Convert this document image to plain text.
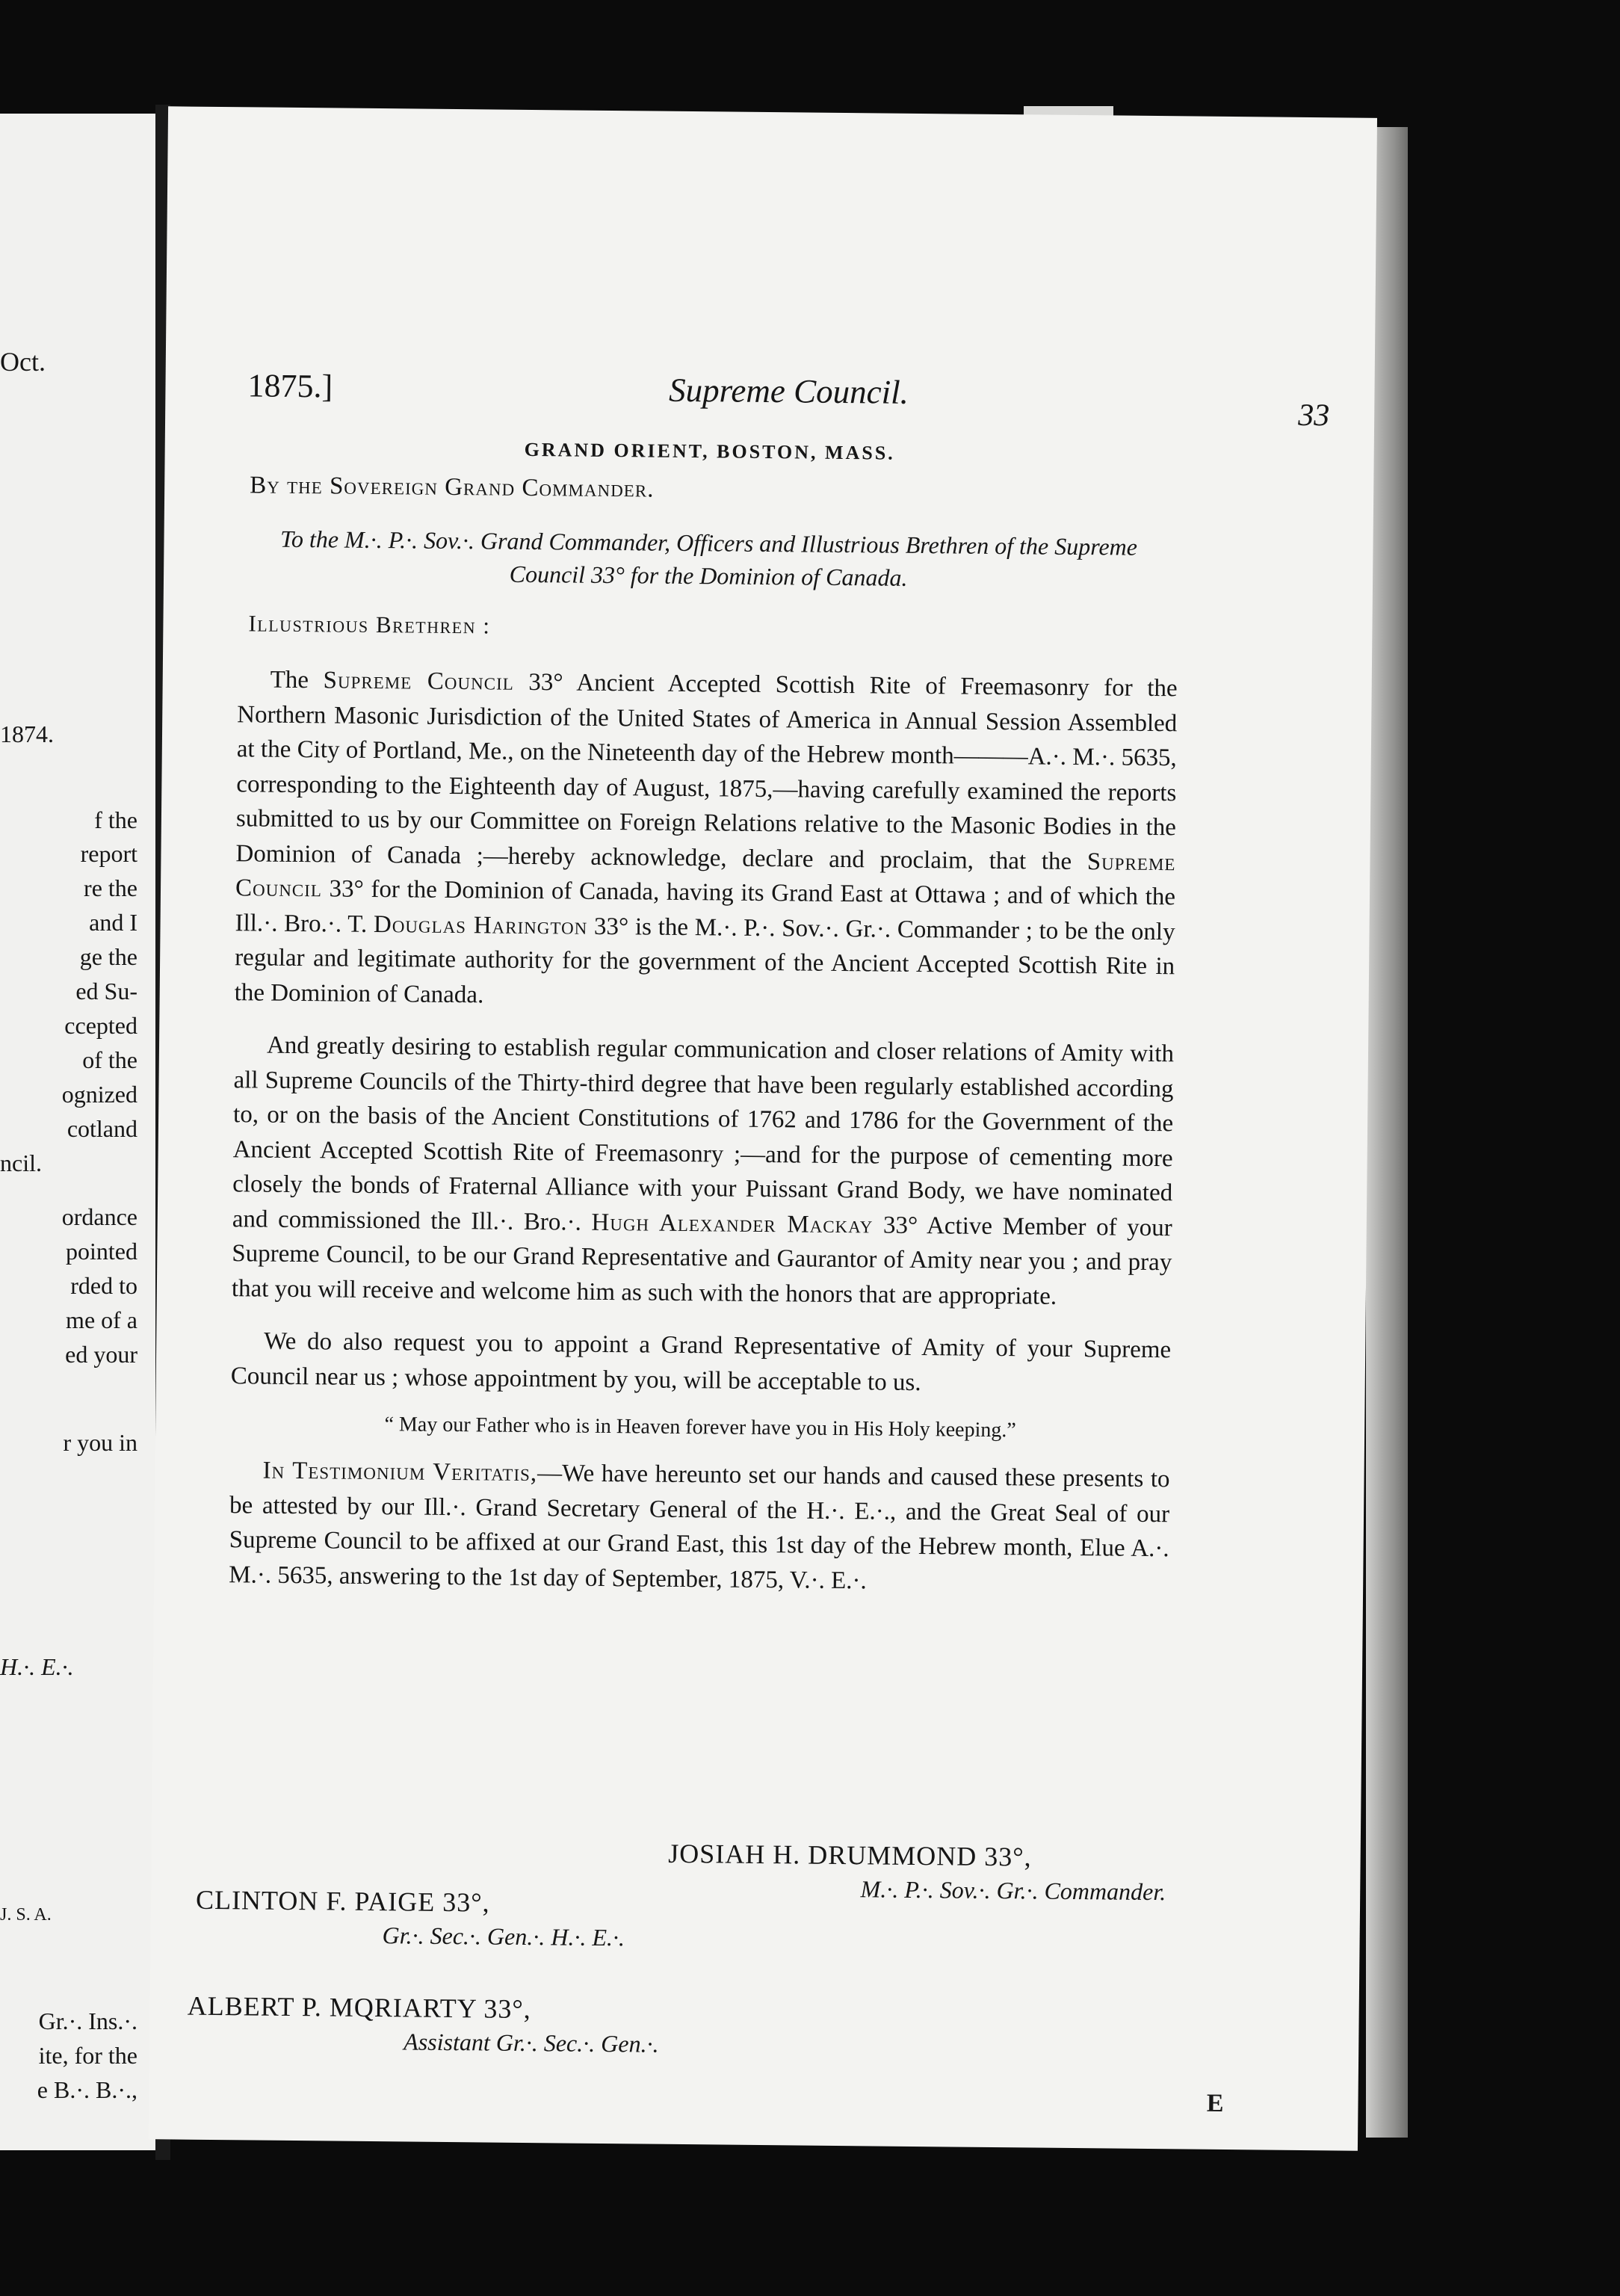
Oct.
1874.
f the
report
re the
and I
ge the
ed Su-
ccepted
of the
ognized
cotland
ncil.
ordance
pointed
rded to
me of a
ed your
r you in
H.·. E.·.
J. S. A.
Gr.·. Ins.·.
ite, for the
e B.·. B.·.,
1875.]	Supreme Council.
33
GRAND ORIENT, BOSTON, MASS.
By the Sovereign Grand Commander.
To the M.·. P.·. Sov.·. Grand Commander, Officers and Illustrious Brethren of the Supreme Council 33° for the Dominion of Canada.
Illustrious Brethren :

The Supreme Council 33° Ancient Accepted Scottish Rite of Freemasonry for the Northern Masonic Jurisdiction of the United States of America in Annual Session Assembled at the City of Portland, Me., on the Nineteenth day of the Hebrew month———A.·. M.·. 5635, corresponding to the Eighteenth day of August, 1875,—having carefully examined the reports submitted to us by our Committee on Foreign Relations relative to the Masonic Bodies in the Dominion of Canada ;—hereby acknowledge, declare and proclaim, that the Supreme Council 33° for the Dominion of Canada, having its Grand East at Ottawa ; and of which the Ill.·. Bro.·. T. Douglas Harington 33° is the M.·. P.·. Sov.·. Gr.·. Commander ; to be the only regular and legitimate authority for the government of the Ancient Accepted Scottish Rite in the Dominion of Canada.

And greatly desiring to establish regular communication and closer relations of Amity with all Supreme Councils of the Thirty-third degree that have been regularly established according to, or on the basis of the Ancient Constitutions of 1762 and 1786 for the Government of the Ancient Accepted Scottish Rite of Freemasonry ;—and for the purpose of cementing more closely the bonds of Fraternal Alliance with your Puissant Grand Body, we have nominated and commissioned the Ill.·. Bro.·. Hugh Alexander Mackay 33° Active Member of your Supreme Council, to be our Grand Representative and Gaurantor of Amity near you ; and pray that you will receive and welcome him as such with the honors that are appropriate.

We do also request you to appoint a Grand Representative of Amity of your Supreme Council near us ; whose appointment by you, will be acceptable to us.

“ May our Father who is in Heaven forever have you in His Holy keeping.”

In Testimonium Veritatis,—We have hereunto set our hands and caused these presents to be attested by our Ill.·. Grand Secretary General of the H.·. E.·., and the Great Seal of our Supreme Council to be affixed at our Grand East, this 1st day of the Hebrew month, Elue A.·. M.·. 5635, answering to the 1st day of September, 1875, V.·. E.·.

JOSIAH H. DRUMMOND 33°,
M.·. P.·. Sov.·. Gr.·. Commander.
CLINTON F. PAIGE 33°,
Gr.·. Sec.·. Gen.·. H.·. E.·.
ALBERT P. MQRIARTY 33°,
Assistant Gr.·. Sec.·. Gen.·.
E
